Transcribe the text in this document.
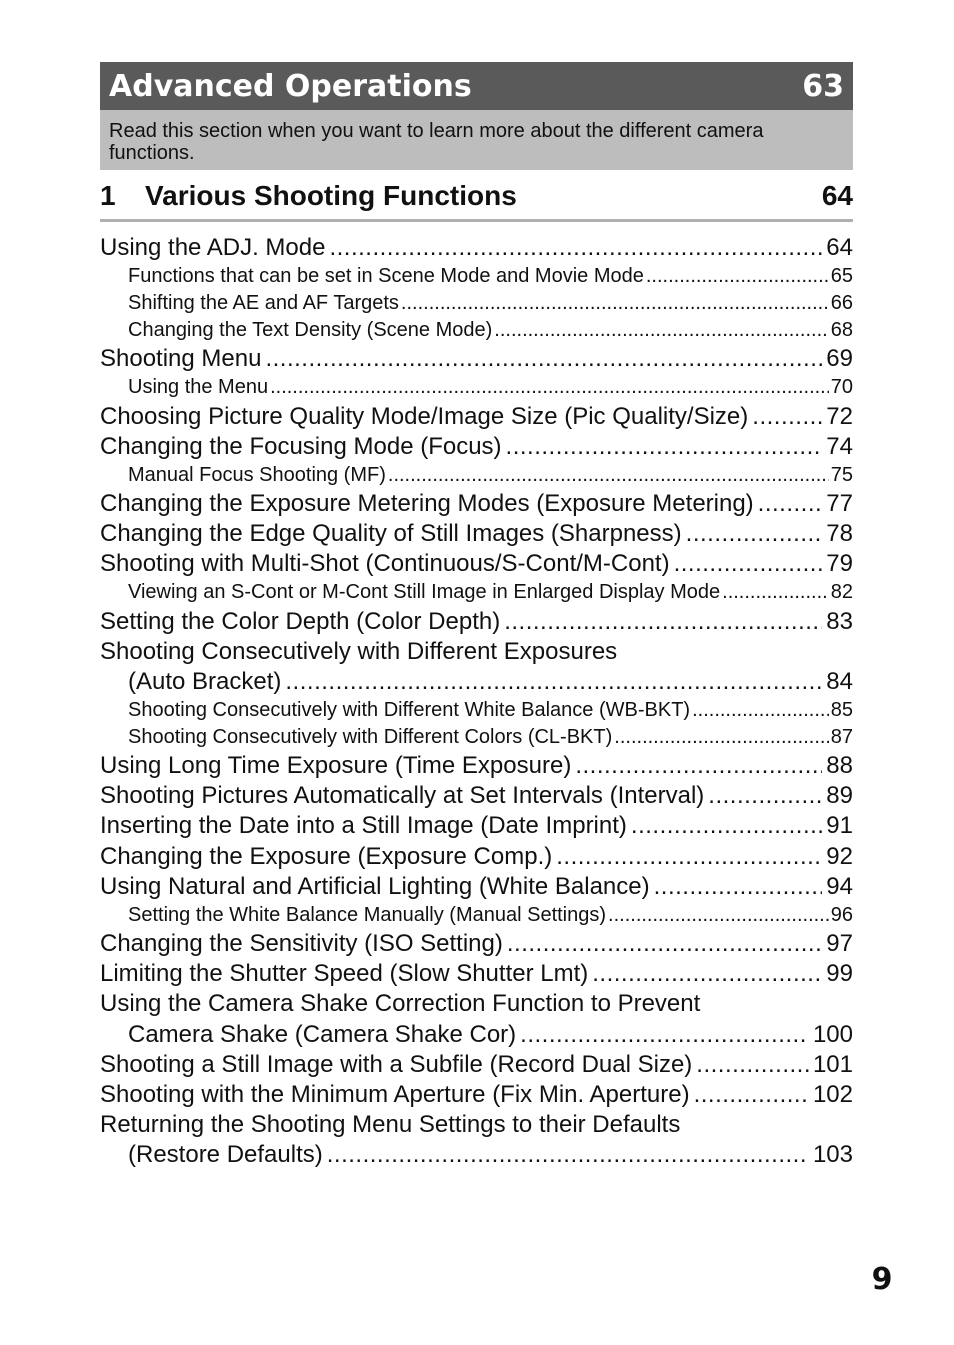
Advanced Operations	63
Read this section when you want to learn more about the different camera functions.
1 Various Shooting Functions	64
Using the ADJ. Mode .....	64
Functions that can be set in Scene Mode and Movie Mode .....	65
Shifting the AE and AF Targets .....	66
Changing the Text Density (Scene Mode) .....	68
Shooting Menu .....	69
Using the Menu .....	70
Choosing Picture Quality Mode/Image Size (Pic Quality/Size) .....	72
Changing the Focusing Mode (Focus) .....	74
Manual Focus Shooting (MF) .....	75
Changing the Exposure Metering Modes (Exposure Metering) .....	77
Changing the Edge Quality of Still Images (Sharpness) .....	78
Shooting with Multi-Shot (Continuous/S-Cont/M-Cont) .....	79
Viewing an S-Cont or M-Cont Still Image in Enlarged Display Mode .....	82
Setting the Color Depth (Color Depth) .....	83
Shooting Consecutively with Different Exposures
(Auto Bracket) .....	84
Shooting Consecutively with Different White Balance (WB-BKT) .....	85
Shooting Consecutively with Different Colors (CL-BKT) .....	87
Using Long Time Exposure (Time Exposure) .....	88
Shooting Pictures Automatically at Set Intervals (Interval) .....	89
Inserting the Date into a Still Image (Date Imprint) .....	91
Changing the Exposure (Exposure Comp.) .....	92
Using Natural and Artificial Lighting (White Balance) .....	94
Setting the White Balance Manually (Manual Settings) .....	96
Changing the Sensitivity (ISO Setting) .....	97
Limiting the Shutter Speed (Slow Shutter Lmt) .....	99
Using the Camera Shake Correction Function to Prevent
Camera Shake (Camera Shake Cor) .....	100
Shooting a Still Image with a Subfile (Record Dual Size) .....	101
Shooting with the Minimum Aperture (Fix Min. Aperture) .....	102
Returning the Shooting Menu Settings to their Defaults
(Restore Defaults) .....	103
9
